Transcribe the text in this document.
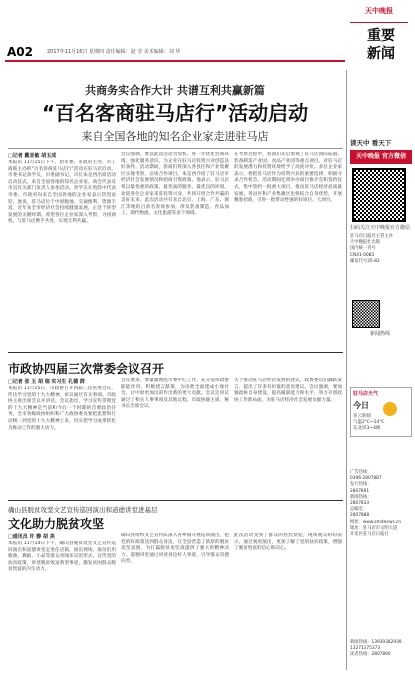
A02	2017年11月16日 星期四 责任编辑：赵 莹 美术编辑：刘 华
天中晚报
重要
新闻
共商务实合作大计 共谱互利共赢新篇
“百名客商驻马店行”活动启动
来自全国各地的知名企业家走进驻马店
□记者 戴亚敏 胡玉成
本报讯 11月15日下午，由市委、市政府主办，市工商联主办的“百名客商驻马店行”活动在驻马店启动。市委书记余学友，市委副书记、市长朱是西出席活动启动仪式。来自全国各地的知名企业家、商会代表及市直有关部门负责人参加活动。余学友在致辞中代表市委、市政府向来自全国各地的企业家表示热烈欢迎。他说，驻马店位于中原腹地，交通便利，资源丰富，近年来全市经济社会持续健康发展，正处于转型发展的关键时期。希望各位企业家深入考察，寻找商机，与驻马店携手共进，实现互利共赢。
会议强调，要以此次活动为契机，进一步优化营商环境，强化服务意识，为企业在驻马店投资兴业创造良好条件。活动期间，客商们将深入各县区和产业集聚区实地考察，洽谈合作项目。朱是西介绍了驻马店市经济社会发展情况和招商引资政策，他表示，驻马店将以最优惠的政策、最优质的服务、最优良的环境，欢迎各位企业家来驻投资兴业，共同开创合作共赢的美好未来。此次活动共有来自北京、上海、广东、浙江等地的百余名客商参加，涉及装备制造、食品加工、现代物流、文化旅游等多个领域。
在考察过程中，客商们先后参观了驻马店国际陆港、装备制造产业园、食品产业园等重点项目，对驻马店的发展潜力和投资环境给予了高度评价。多位企业家表示，将把驻马店作为投资兴业的重要选择，积极寻求合作机会。活动期间还将举办项目推介会和签约仪式，集中签约一批重大项目，推动驻马店经济高质量发展。各县区和产业集聚区也将结合自身优势，开展精准招商，引进一批带动性强的好项目、大项目。
市政协四届三次常委会议召开
□记者 张 玉 胡 瑞 实习生 孔德 群
本报讯 11月15日，市政协召开四届三次常委会议，传达学习党的十九大精神，审议通过有关事项。市政协主席出席会议并讲话。会议指出，学习宣传贯彻党的十九大精神是当前和今后一个时期的首要政治任务，全市各级政协组织和广大政协委员要把思想和行动统一到党的十九大精神上来，切实把学习成果转化为推动工作的强大动力。
会议要求，要紧紧围绕市委中心工作，充分发挥政协职能作用，积极建言献策，为决胜全面建成小康社会、让中原更加出彩作出新的更大贡献。会议还审议通过了相关人事事项及其他议程。市政协副主席、秘书长出席会议。
关于推动驻马店经济发展的建议，政协委员们踊跃发言，提出了许多有价值的意见建议。会议强调，要加强政协自身建设，提高履职能力和水平，努力开创政协工作新局面，为驻马店经济社会发展贡献力量。
确山县脱贫攻坚文艺宣传巡回演出和道德讲堂进基层
文化助力脱贫攻坚
□通讯员 许 静 胡 美
本报讯 11月14日下午，确山县脱贫攻坚文艺宣传巡回演出和道德讲堂走进任店镇。演出现场，演员们用歌曲、舞蹈、小品等群众喜闻乐见的形式，宣传党的扶贫政策，讲述脱贫致富典型事迹，激发贫困群众脱贫致富的内生动力。
确山县组织文艺宣传队深入各乡镇开展巡回演出，把党的好政策送到群众身边，在全县营造了浓厚的脱贫攻坚氛围，为打赢脱贫攻坚战提供了强大的精神动力。道德讲堂通过讲述身边好人事迹，引导群众崇德向善。
此次活动受到了群众的热烈欢迎，现场观众纷纷表示，通过观看演出，更加了解了党的扶贫政策，增强了脱贫致富的信心和决心。
读天中 看天下
天中晚报 官方微信
扫码关注天中晚报官方微信
驻马店日报社主管主办
天中晚报社出版
国内统一刊号
CN41-0083
邮发代号35-82
新闻热线
驻马店天气
今日
多云转晴
气温2℃~14℃
东北风3~4级
广告热线：
0396-2807887
发行热线：
2807891
新闻热线：
2807833
总编室：
2807888
网址：www.zmdnews.cn
地址：驻马店市文明大道
开发区驻马店日报社
新闻热线：13939382939
13271175373
读者热线：2807890
